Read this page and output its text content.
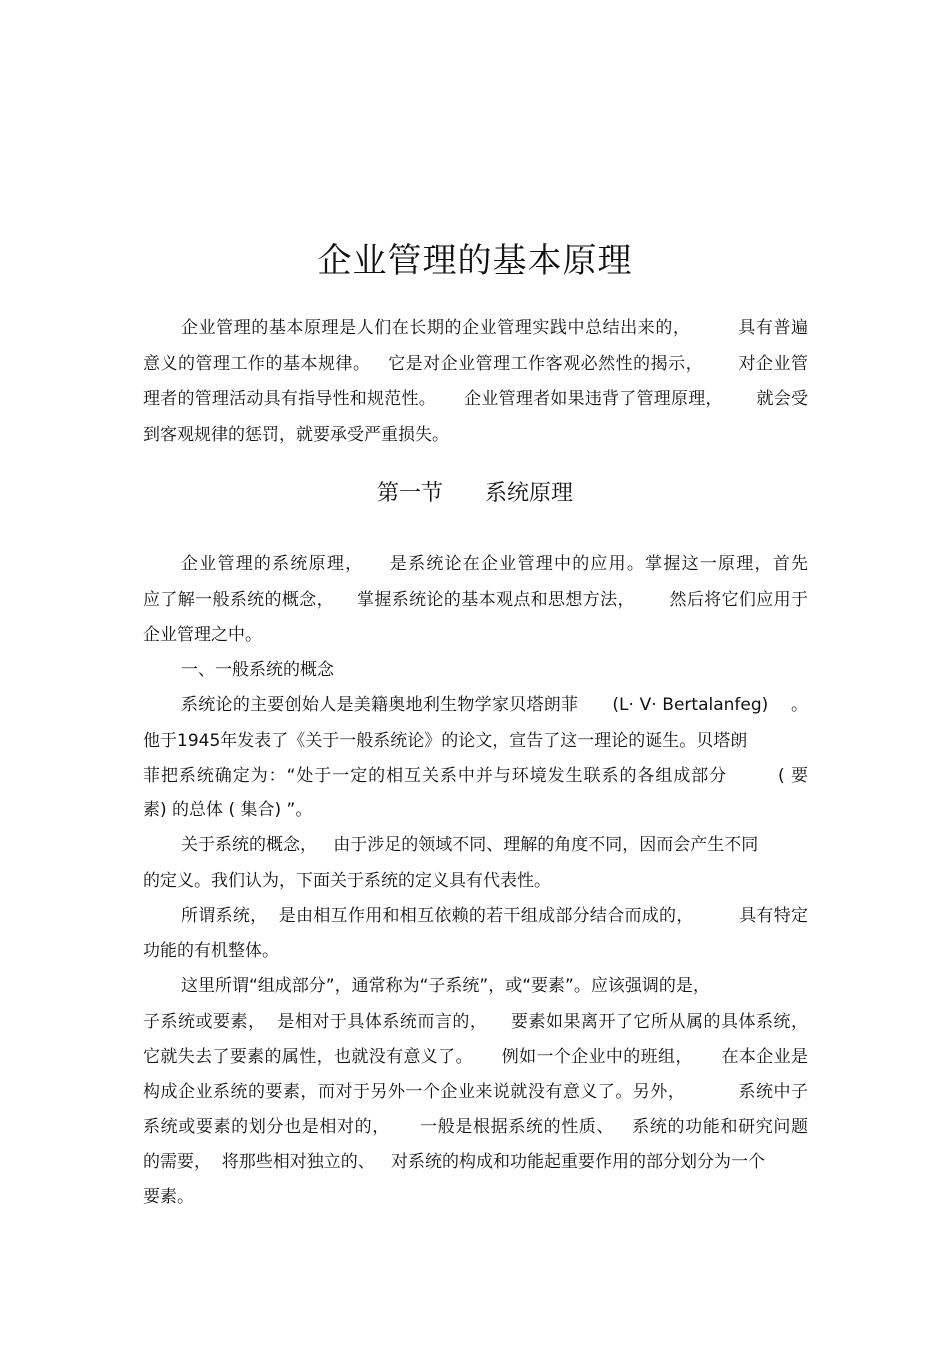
企业管理的基本原理
企业管理的基本原理是人们在长期的企业管理实践中总结出来的，        具有普遍
意义的管理工作的基本规律。   它是对企业管理工作客观必然性的揭示，      对企业管
理者的管理活动具有指导性和规范性。     企业管理者如果违背了管理原理，      就会受
到客观规律的惩罚，就要承受严重损失。
第一节      系统原理
企业管理的系统原理，    是系统论在企业管理中的应用。掌握这一原理，首先
应了解一般系统的概念，    掌握系统论的基本观点和思想方法，      然后将它们应用于
企业管理之中。
一、一般系统的概念
系统论的主要创始人是美籍奥地利生物学家贝塔朗菲      (L· V· Bertalanfeg)    。
他于1945年发表了《关于一般系统论》的论文，宣告了这一理论的诞生。贝塔朗
菲把系统确定为：“处于一定的相互关系中并与环境发生联系的各组成部分        ( 要
素) 的总体 ( 集合) ”。
关于系统的概念，   由于涉足的领域不同、理解的角度不同，因而会产生不同
的定义。我们认为，下面关于系统的定义具有代表性。
所谓系统，  是由相互作用和相互依赖的若干组成部分结合而成的，        具有特定
功能的有机整体。
这里所谓“组成部分”，通常称为“子系统”，或“要素”。应该强调的是，
子系统或要素，  是相对于具体系统而言的，    要素如果离开了它所从属的具体系统，
它就失去了要素的属性，也就没有意义了。     例如一个企业中的班组，     在本企业是
构成企业系统的要素，而对于另外一个企业来说就没有意义了。另外，         系统中子
系统或要素的划分也是相对的，     一般是根据系统的性质、   系统的功能和研究问题
的需要，  将那些相对独立的、   对系统的构成和功能起重要作用的部分划分为一个
要素。
